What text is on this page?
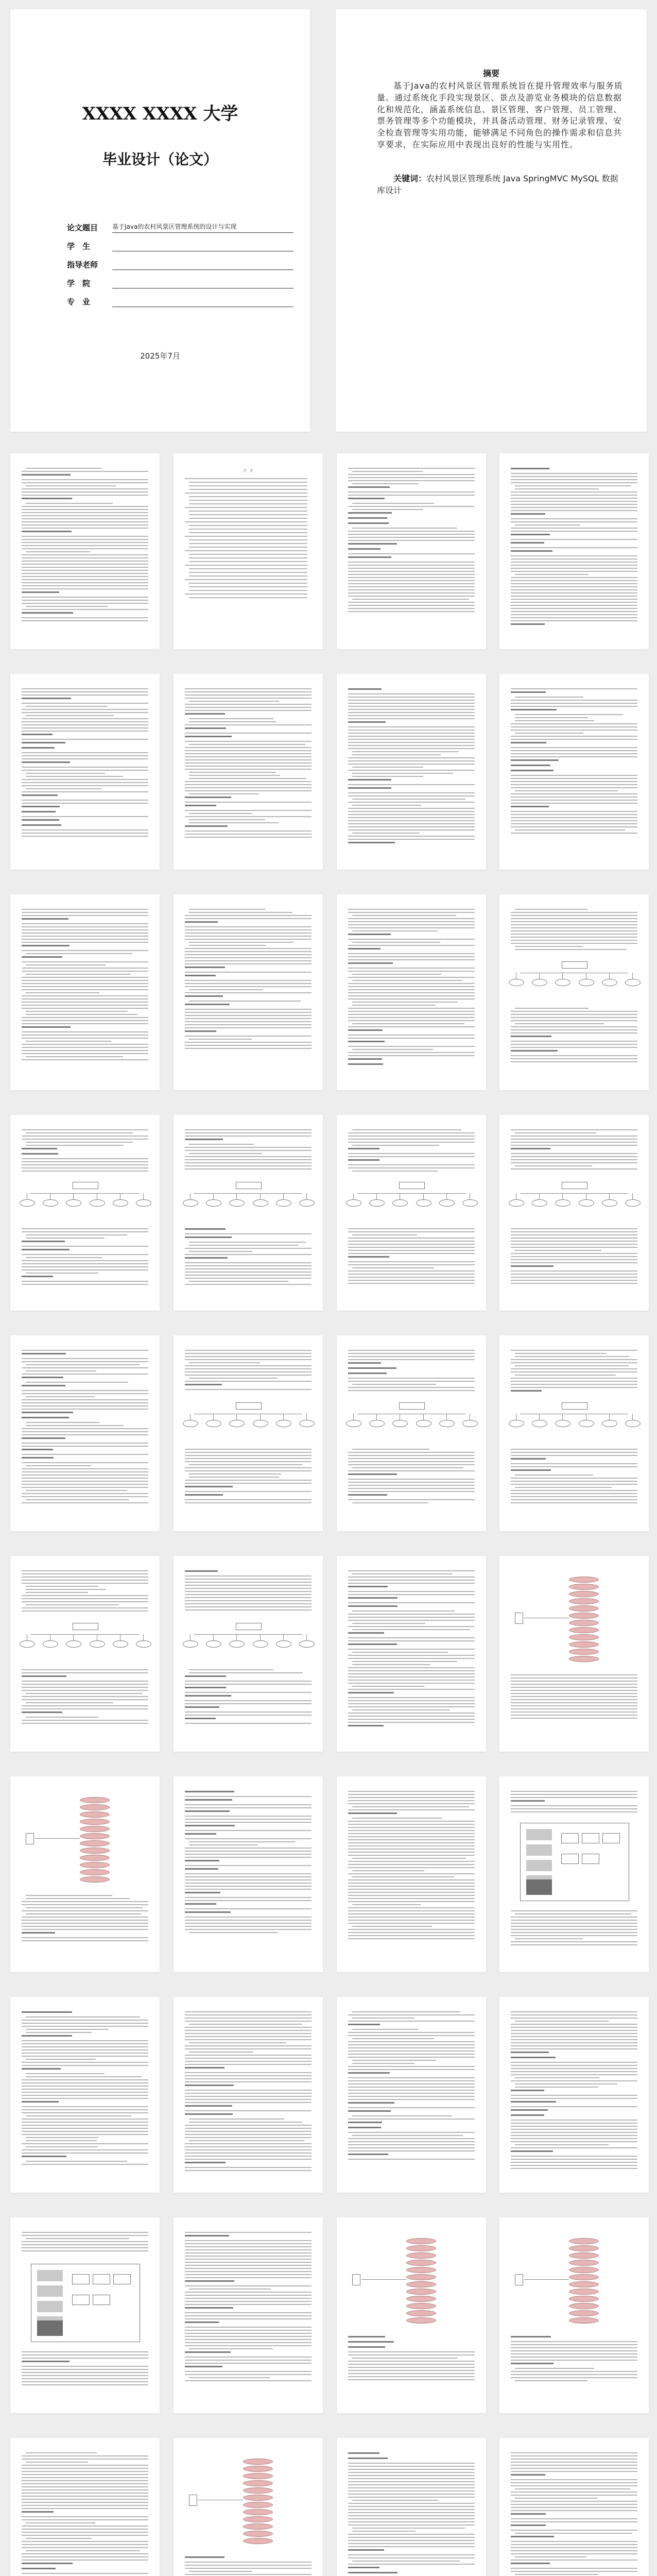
XXXX XXXX 大学
毕业设计（论文）
论文题目	基于Java的农村风景区管理系统的设计与实现
学　生
指导老师
学　院
专　业
2025年7月
摘要
基于Java的农村风景区管理系统旨在提升管理效率与服务质量。通过系统化手段实现景区、景点及游览业务模块的信息数据化和规范化，涵盖系统信息、景区管理、客户管理、员工管理、票务管理等多个功能模块，并具备活动管理、财务记录管理、安全检查管理等实用功能，能够满足不同角色的操作需求和信息共享要求，在实际应用中表现出良好的性能与实用性。
关键词：农村风景区管理系统 Java SpringMVC MySQL 数据库设计
目　录
